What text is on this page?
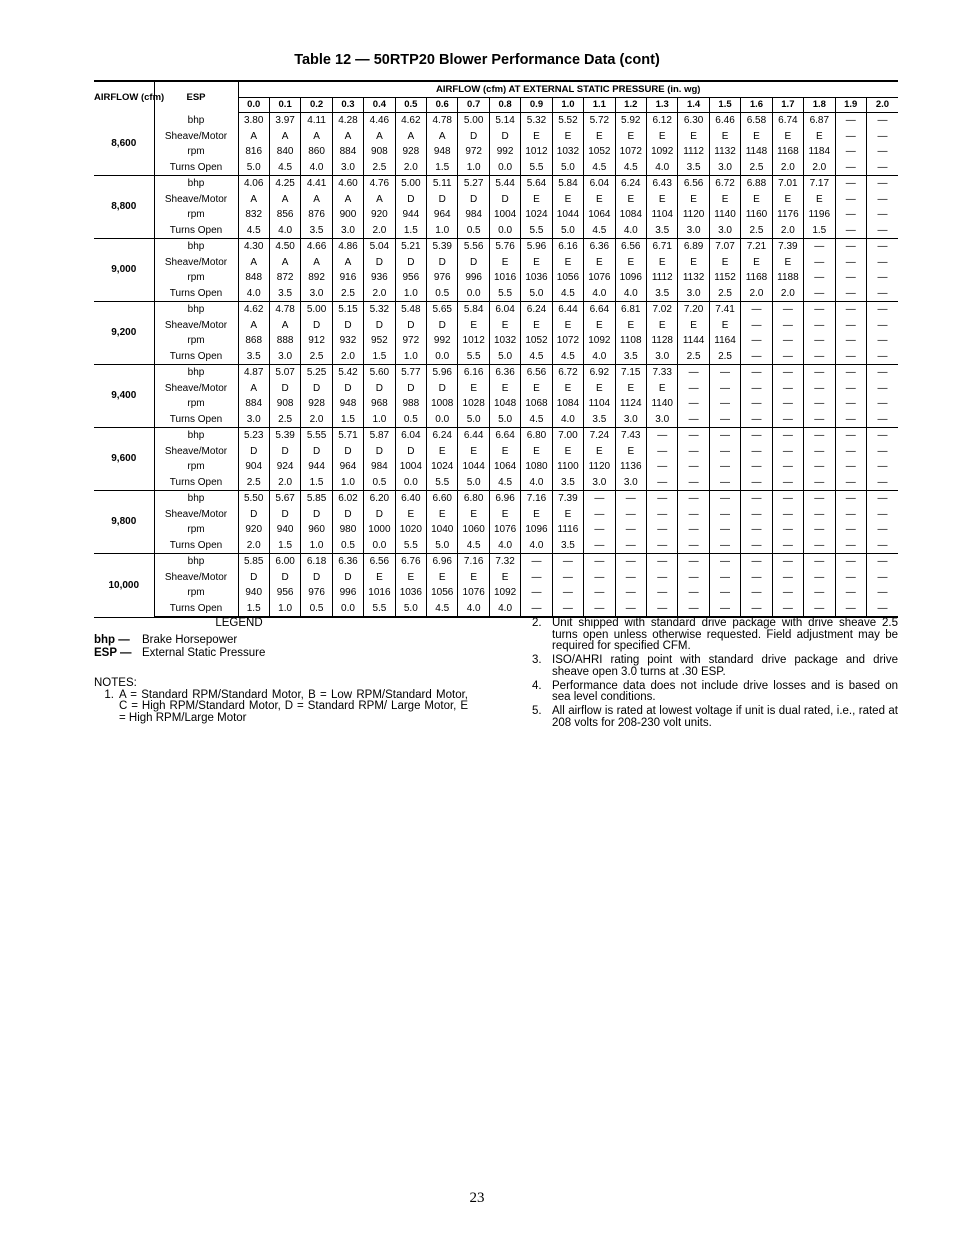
Table 12 — 50RTP20 Blower Performance Data (cont)
AIRFLOW (cfm)	ESP	AIRFLOW (cfm) AT EXTERNAL STATIC PRESSURE (in. wg)																				
		0.0	0.1	0.2	0.3	0.4	0.5	0.6	0.7	0.8	0.9	1.0	1.1	1.2	1.3	1.4	1.5	1.6	1.7	1.8	1.9	2.0
8,600	bhp	3.80	3.97	4.11	4.28	4.46	4.62	4.78	5.00	5.14	5.32	5.52	5.72	5.92	6.12	6.30	6.46	6.58	6.74	6.87	—	—
	Sheave/Motor	A	A	A	A	A	A	A	D	D	E	E	E	E	E	E	E	E	E	E	—	—
	rpm	816	840	860	884	908	928	948	972	992	1012	1032	1052	1072	1092	1112	1132	1148	1168	1184	—	—
	Turns Open	5.0	4.5	4.0	3.0	2.5	2.0	1.5	1.0	0.0	5.5	5.0	4.5	4.5	4.0	3.5	3.0	2.5	2.0	2.0	—	—
8,800	bhp	4.06	4.25	4.41	4.60	4.76	5.00	5.11	5.27	5.44	5.64	5.84	6.04	6.24	6.43	6.56	6.72	6.88	7.01	7.17	—	—
	Sheave/Motor	A	A	A	A	A	D	D	D	D	E	E	E	E	E	E	E	E	E	E	—	—
	rpm	832	856	876	900	920	944	964	984	1004	1024	1044	1064	1084	1104	1120	1140	1160	1176	1196	—	—
	Turns Open	4.5	4.0	3.5	3.0	2.0	1.5	1.0	0.5	0.0	5.5	5.0	4.5	4.0	3.5	3.0	3.0	2.5	2.0	1.5	—	—
9,000	bhp	4.30	4.50	4.66	4.86	5.04	5.21	5.39	5.56	5.76	5.96	6.16	6.36	6.56	6.71	6.89	7.07	7.21	7.39	—	—	—
	Sheave/Motor	A	A	A	A	D	D	D	D	E	E	E	E	E	E	E	E	E	E	—	—	—
	rpm	848	872	892	916	936	956	976	996	1016	1036	1056	1076	1096	1112	1132	1152	1168	1188	—	—	—
	Turns Open	4.0	3.5	3.0	2.5	2.0	1.0	0.5	0.0	5.5	5.0	4.5	4.0	4.0	3.5	3.0	2.5	2.0	2.0	—	—	—
9,200	bhp	4.62	4.78	5.00	5.15	5.32	5.48	5.65	5.84	6.04	6.24	6.44	6.64	6.81	7.02	7.20	7.41	—	—	—	—	—
	Sheave/Motor	A	A	D	D	D	D	D	E	E	E	E	E	E	E	E	E	—	—	—	—	—
	rpm	868	888	912	932	952	972	992	1012	1032	1052	1072	1092	1108	1128	1144	1164	—	—	—	—	—
	Turns Open	3.5	3.0	2.5	2.0	1.5	1.0	0.0	5.5	5.0	4.5	4.5	4.0	3.5	3.0	2.5	2.5	—	—	—	—	—
9,400	bhp	4.87	5.07	5.25	5.42	5.60	5.77	5.96	6.16	6.36	6.56	6.72	6.92	7.15	7.33	—	—	—	—	—	—	—
	Sheave/Motor	A	D	D	D	D	D	D	E	E	E	E	E	E	E	—	—	—	—	—	—	—
	rpm	884	908	928	948	968	988	1008	1028	1048	1068	1084	1104	1124	1140	—	—	—	—	—	—	—
	Turns Open	3.0	2.5	2.0	1.5	1.0	0.5	0.0	5.0	5.0	4.5	4.0	3.5	3.0	3.0	—	—	—	—	—	—	—
9,600	bhp	5.23	5.39	5.55	5.71	5.87	6.04	6.24	6.44	6.64	6.80	7.00	7.24	7.43	—	—	—	—	—	—	—	—
	Sheave/Motor	D	D	D	D	D	D	E	E	E	E	E	E	E	—	—	—	—	—	—	—	—
	rpm	904	924	944	964	984	1004	1024	1044	1064	1080	1100	1120	1136	—	—	—	—	—	—	—	—
	Turns Open	2.5	2.0	1.5	1.0	0.5	0.0	5.5	5.0	4.5	4.0	3.5	3.0	3.0	—	—	—	—	—	—	—	—
9,800	bhp	5.50	5.67	5.85	6.02	6.20	6.40	6.60	6.80	6.96	7.16	7.39	—	—	—	—	—	—	—	—	—	—
	Sheave/Motor	D	D	D	D	D	E	E	E	E	E	E	—	—	—	—	—	—	—	—	—	—
	rpm	920	940	960	980	1000	1020	1040	1060	1076	1096	1116	—	—	—	—	—	—	—	—	—	—
	Turns Open	2.0	1.5	1.0	0.5	0.0	5.5	5.0	4.5	4.0	4.0	3.5	—	—	—	—	—	—	—	—	—	—
10,000	bhp	5.85	6.00	6.18	6.36	6.56	6.76	6.96	7.16	7.32	—	—	—	—	—	—	—	—	—	—	—	—
	Sheave/Motor	D	D	D	D	E	E	E	E	E	—	—	—	—	—	—	—	—	—	—	—	—
	rpm	940	956	976	996	1016	1036	1056	1076	1092	—	—	—	—	—	—	—	—	—	—	—	—
	Turns Open	1.5	1.0	0.5	0.0	5.5	5.0	4.5	4.0	4.0	—	—	—	—	—	—	—	—	—	—	—	—
LEGEND
bhp — Brake Horsepower
ESP — External Static Pressure
NOTES:
1. A = Standard RPM/Standard Motor, B = Low RPM/Standard Motor, C = High RPM/Standard Motor, D = Standard RPM/ Large Motor, E = High RPM/Large Motor
2. Unit shipped with standard drive package with drive sheave 2.5 turns open unless otherwise requested. Field adjustment may be required for specified CFM.
3. ISO/AHRI rating point with standard drive package and drive sheave open 3.0 turns at .30 ESP.
4. Performance data does not include drive losses and is based on sea level conditions.
5. All airflow is rated at lowest voltage if unit is dual rated, i.e., rated at 208 volts for 208-230 volt units.
23
